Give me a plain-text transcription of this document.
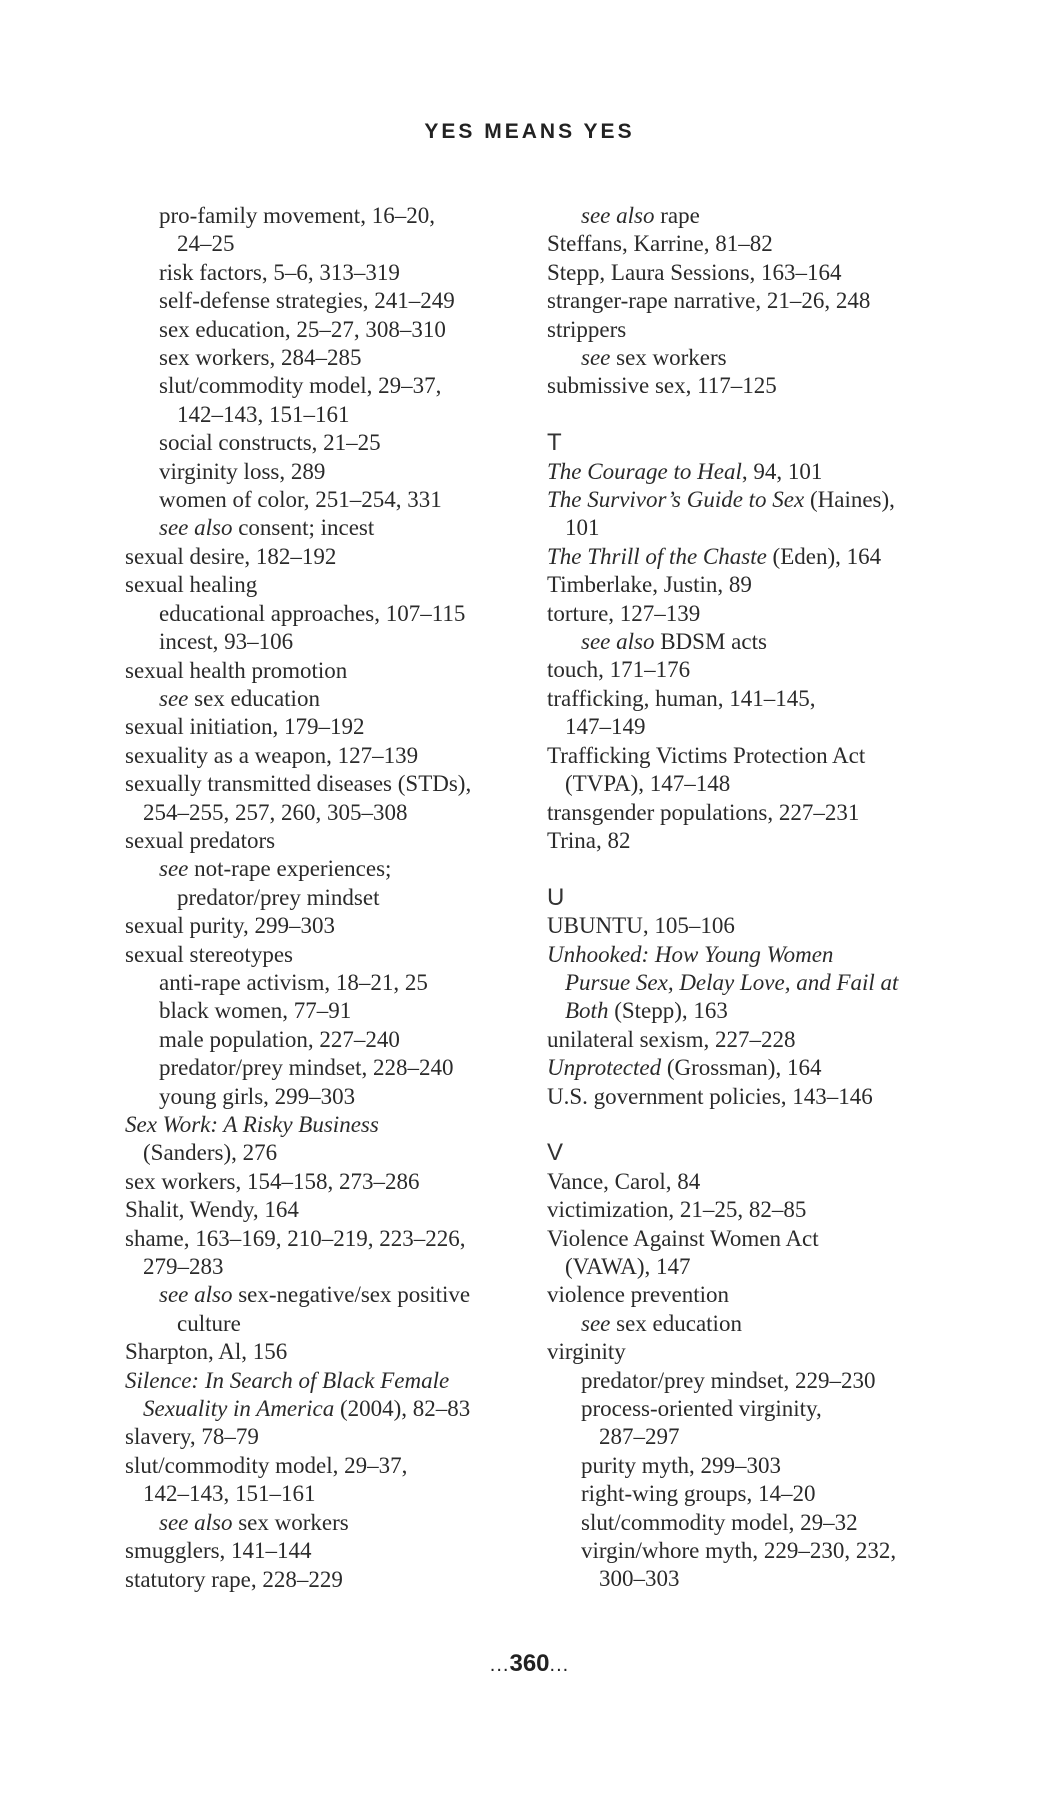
YES MEANS YES
pro-family movement, 16–20,
24–25
risk factors, 5–6, 313–319
self-defense strategies, 241–249
sex education, 25–27, 308–310
sex workers, 284–285
slut/commodity model, 29–37,
142–143, 151–161
social constructs, 21–25
virginity loss, 289
women of color, 251–254, 331
see also consent; incest
sexual desire, 182–192
sexual healing
educational approaches, 107–115
incest, 93–106
sexual health promotion
see sex education
sexual initiation, 179–192
sexuality as a weapon, 127–139
sexually transmitted diseases (STDs),
254–255, 257, 260, 305–308
sexual predators
see not-rape experiences;
predator/prey mindset
sexual purity, 299–303
sexual stereotypes
anti-rape activism, 18–21, 25
black women, 77–91
male population, 227–240
predator/prey mindset, 228–240
young girls, 299–303
Sex Work: A Risky Business
(Sanders), 276
sex workers, 154–158, 273–286
Shalit, Wendy, 164
shame, 163–169, 210–219, 223–226,
279–283
see also sex-negative/sex positive
culture
Sharpton, Al, 156
Silence: In Search of Black Female
Sexuality in America (2004), 82–83
slavery, 78–79
slut/commodity model, 29–37,
142–143, 151–161
see also sex workers
smugglers, 141–144
statutory rape, 228–229
see also rape
Steffans, Karrine, 81–82
Stepp, Laura Sessions, 163–164
stranger-rape narrative, 21–26, 248
strippers
see sex workers
submissive sex, 117–125
T
The Courage to Heal, 94, 101
The Survivor’s Guide to Sex (Haines),
101
The Thrill of the Chaste (Eden), 164
Timberlake, Justin, 89
torture, 127–139
see also BDSM acts
touch, 171–176
trafficking, human, 141–145,
147–149
Trafficking Victims Protection Act
(TVPA), 147–148
transgender populations, 227–231
Trina, 82
U
UBUNTU, 105–106
Unhooked: How Young Women
Pursue Sex, Delay Love, and Fail at
Both (Stepp), 163
unilateral sexism, 227–228
Unprotected (Grossman), 164
U.S. government policies, 143–146
V
Vance, Carol, 84
victimization, 21–25, 82–85
Violence Against Women Act
(VAWA), 147
violence prevention
see sex education
virginity
predator/prey mindset, 229–230
process-oriented virginity,
287–297
purity myth, 299–303
right-wing groups, 14–20
slut/commodity model, 29–32
virgin/whore myth, 229–230, 232,
300–303
...360...
